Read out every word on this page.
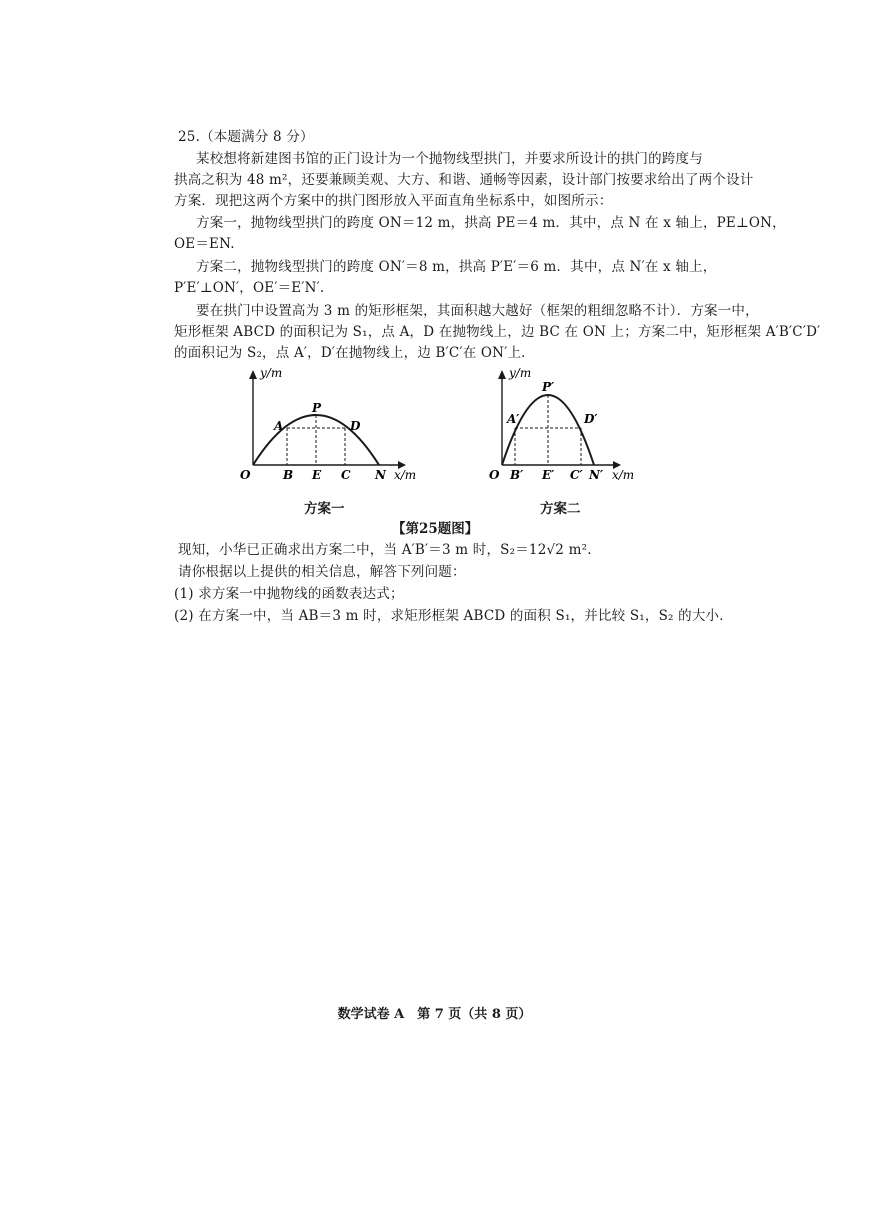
25.（本题满分 8 分）
某校想将新建图书馆的正门设计为一个抛物线型拱门，并要求所设计的拱门的跨度与
拱高之积为 48 m²，还要兼顾美观、大方、和谐、通畅等因素，设计部门按要求给出了两个设计
方案．现把这两个方案中的拱门图形放入平面直角坐标系中，如图所示：
方案一，抛物线型拱门的跨度 ON＝12 m，拱高 PE＝4 m．其中，点 N 在 x 轴上，PE⊥ON，
OE＝EN.
方案二，抛物线型拱门的跨度 ON′＝8 m，拱高 P′E′＝6 m．其中，点 N′在 x 轴上，
P′E′⊥ON′，OE′＝E′N′.
要在拱门中设置高为 3 m 的矩形框架，其面积越大越好（框架的粗细忽略不计）．方案一中，
矩形框架 ABCD 的面积记为 S₁，点 A，D 在抛物线上，边 BC 在 ON 上；方案二中，矩形框架 A′B′C′D′
的面积记为 S₂，点 A′，D′在抛物线上，边 B′C′在 ON′上．
y/m
x/m
O
A
P
D
B E C N
方案一
y/m
x/m
O
A′
P′
D′
B′ E′ C′ N′
方案二
【第25题图】
现知，小华已正确求出方案二中，当 A′B′＝3 m 时，S₂＝12√2 m².
请你根据以上提供的相关信息，解答下列问题：
(1) 求方案一中抛物线的函数表达式；
(2) 在方案一中，当 AB＝3 m 时，求矩形框架 ABCD 的面积 S₁，并比较 S₁，S₂ 的大小．
数学试卷 A　第 7 页（共 8 页）
